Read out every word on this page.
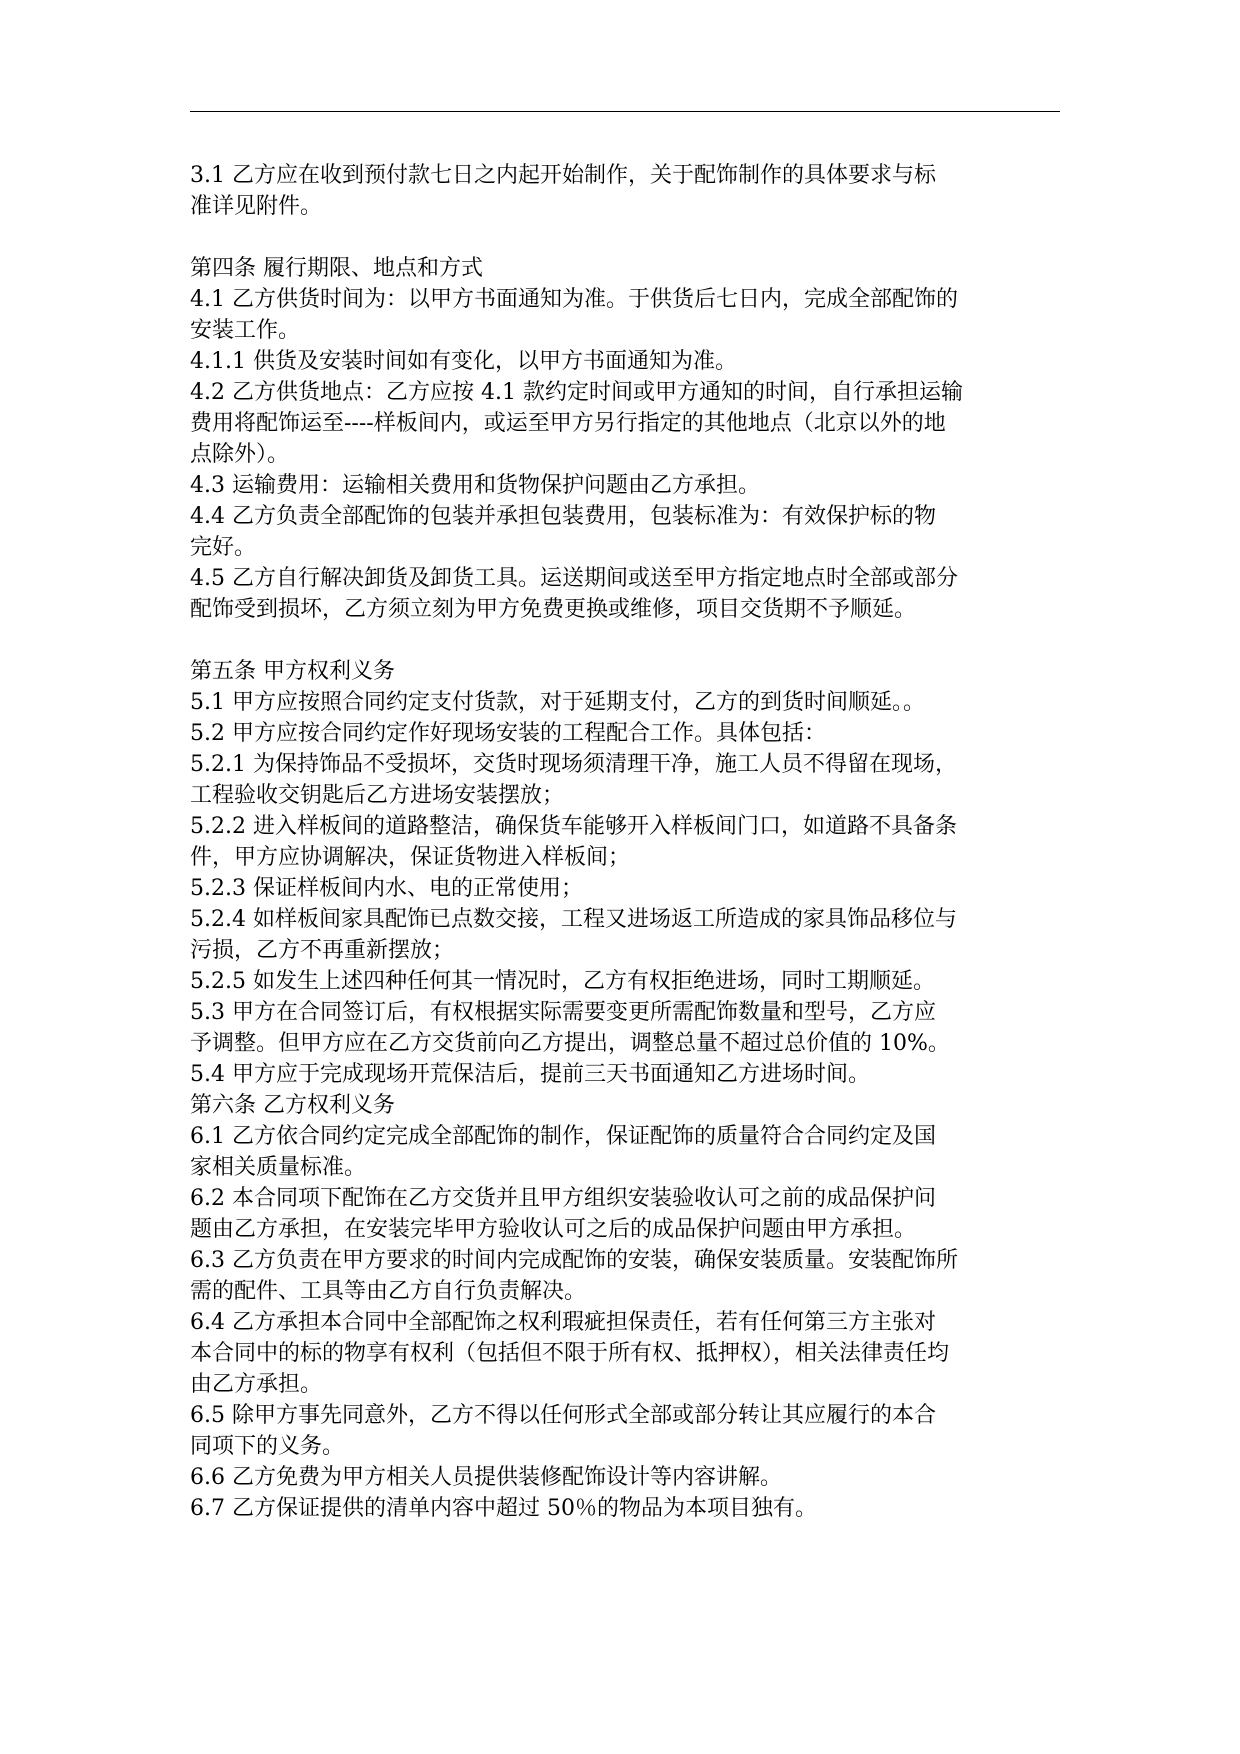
3.1 乙方应在收到预付款七日之内起开始制作，关于配饰制作的具体要求与标
准详见附件。
第四条 履行期限、地点和方式
4.1 乙方供货时间为：以甲方书面通知为准。于供货后七日内，完成全部配饰的
安装工作。
4.1.1 供货及安装时间如有变化，以甲方书面通知为准。
4.2 乙方供货地点：乙方应按 4.1 款约定时间或甲方通知的时间，自行承担运输
费用将配饰运至----样板间内，或运至甲方另行指定的其他地点（北京以外的地
点除外）。
4.3 运输费用：运输相关费用和货物保护问题由乙方承担。
4.4 乙方负责全部配饰的包装并承担包装费用，包装标准为：有效保护标的物
完好。
4.5 乙方自行解决卸货及卸货工具。运送期间或送至甲方指定地点时全部或部分
配饰受到损坏，乙方须立刻为甲方免费更换或维修，项目交货期不予顺延。
第五条 甲方权利义务
5.1 甲方应按照合同约定支付货款，对于延期支付，乙方的到货时间顺延。。
5.2 甲方应按合同约定作好现场安装的工程配合工作。具体包括：
5.2.1 为保持饰品不受损坏，交货时现场须清理干净，施工人员不得留在现场，
工程验收交钥匙后乙方进场安装摆放；
5.2.2 进入样板间的道路整洁，确保货车能够开入样板间门口，如道路不具备条
件，甲方应协调解决，保证货物进入样板间；
5.2.3 保证样板间内水、电的正常使用；
5.2.4 如样板间家具配饰已点数交接，工程又进场返工所造成的家具饰品移位与
污损，乙方不再重新摆放；
5.2.5 如发生上述四种任何其一情况时，乙方有权拒绝进场，同时工期顺延。
5.3 甲方在合同签订后，有权根据实际需要变更所需配饰数量和型号，乙方应
予调整。但甲方应在乙方交货前向乙方提出，调整总量不超过总价值的 10%。
5.4 甲方应于完成现场开荒保洁后，提前三天书面通知乙方进场时间。
第六条 乙方权利义务
6.1 乙方依合同约定完成全部配饰的制作，保证配饰的质量符合合同约定及国
家相关质量标准。
6.2 本合同项下配饰在乙方交货并且甲方组织安装验收认可之前的成品保护问
题由乙方承担，在安装完毕甲方验收认可之后的成品保护问题由甲方承担。
6.3 乙方负责在甲方要求的时间内完成配饰的安装，确保安装质量。安装配饰所
需的配件、工具等由乙方自行负责解决。
6.4 乙方承担本合同中全部配饰之权利瑕疵担保责任，若有任何第三方主张对
本合同中的标的物享有权利（包括但不限于所有权、抵押权），相关法律责任均
由乙方承担。
6.5 除甲方事先同意外，乙方不得以任何形式全部或部分转让其应履行的本合
同项下的义务。
6.6 乙方免费为甲方相关人员提供装修配饰设计等内容讲解。
6.7 乙方保证提供的清单内容中超过 50％的物品为本项目独有。
